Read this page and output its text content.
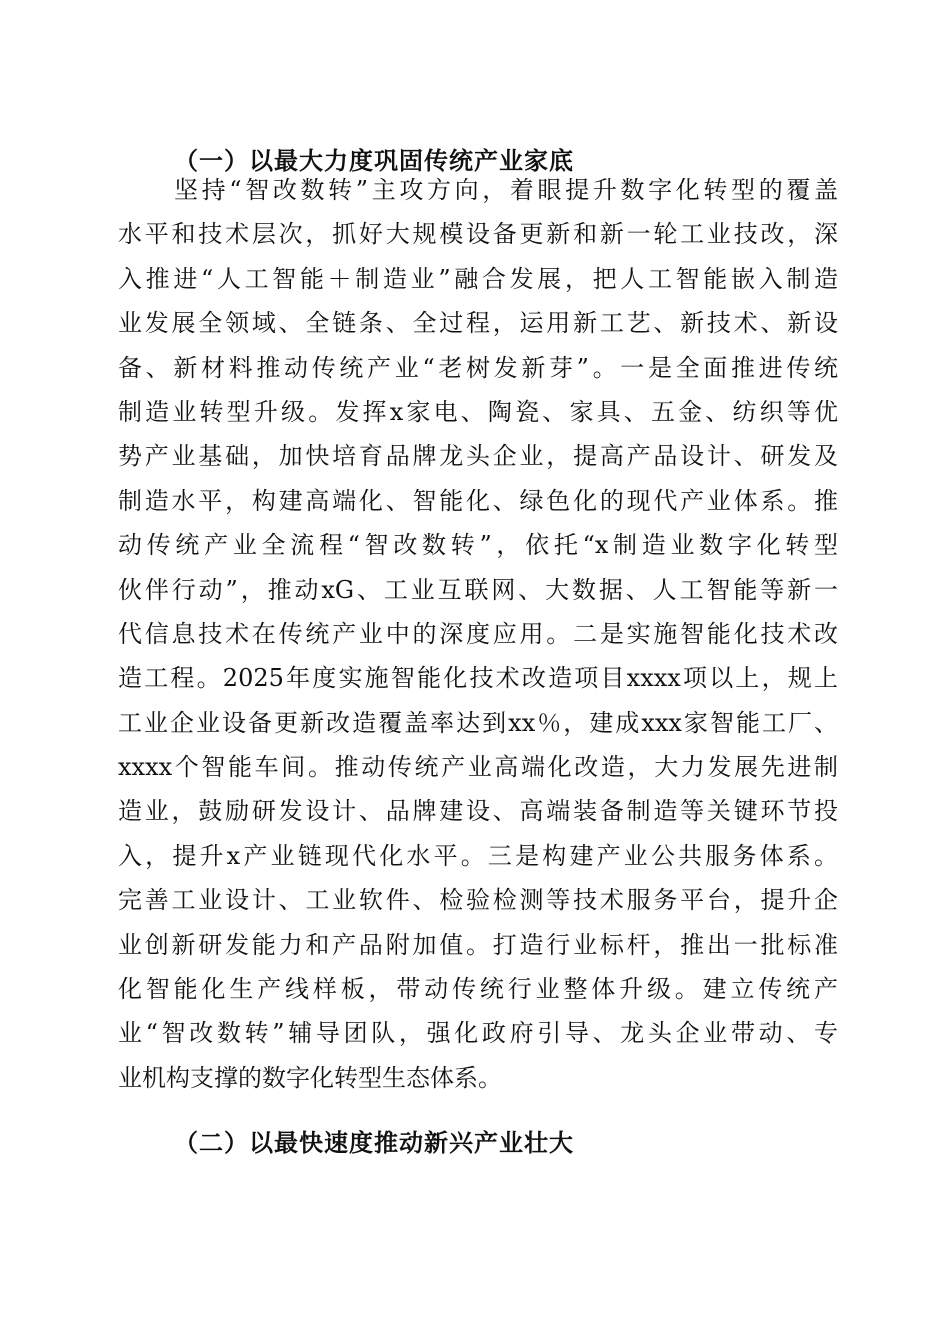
（一）以最大力度巩固传统产业家底
坚持“智改数转”主攻方向，着眼提升数字化转型的覆盖
水平和技术层次，抓好大规模设备更新和新一轮工业技改，深
入推进“人工智能＋制造业”融合发展，把人工智能嵌入制造
业发展全领域、全链条、全过程，运用新工艺、新技术、新设
备、新材料推动传统产业“老树发新芽”。一是全面推进传统
制造业转型升级。发挥x家电、陶瓷、家具、五金、纺织等优
势产业基础，加快培育品牌龙头企业，提高产品设计、研发及
制造水平，构建高端化、智能化、绿色化的现代产业体系。推
动传统产业全流程“智改数转”，依托“x制造业数字化转型
伙伴行动”，推动xG、工业互联网、大数据、人工智能等新一
代信息技术在传统产业中的深度应用。二是实施智能化技术改
造工程。2025年度实施智能化技术改造项目xxxx项以上，规上
工业企业设备更新改造覆盖率达到xx％，建成xxx家智能工厂、
xxxx个智能车间。推动传统产业高端化改造，大力发展先进制
造业，鼓励研发设计、品牌建设、高端装备制造等关键环节投
入，提升x产业链现代化水平。三是构建产业公共服务体系。
完善工业设计、工业软件、检验检测等技术服务平台，提升企
业创新研发能力和产品附加值。打造行业标杆，推出一批标准
化智能化生产线样板，带动传统行业整体升级。建立传统产
业“智改数转”辅导团队，强化政府引导、龙头企业带动、专
业机构支撑的数字化转型生态体系。
（二）以最快速度推动新兴产业壮大
